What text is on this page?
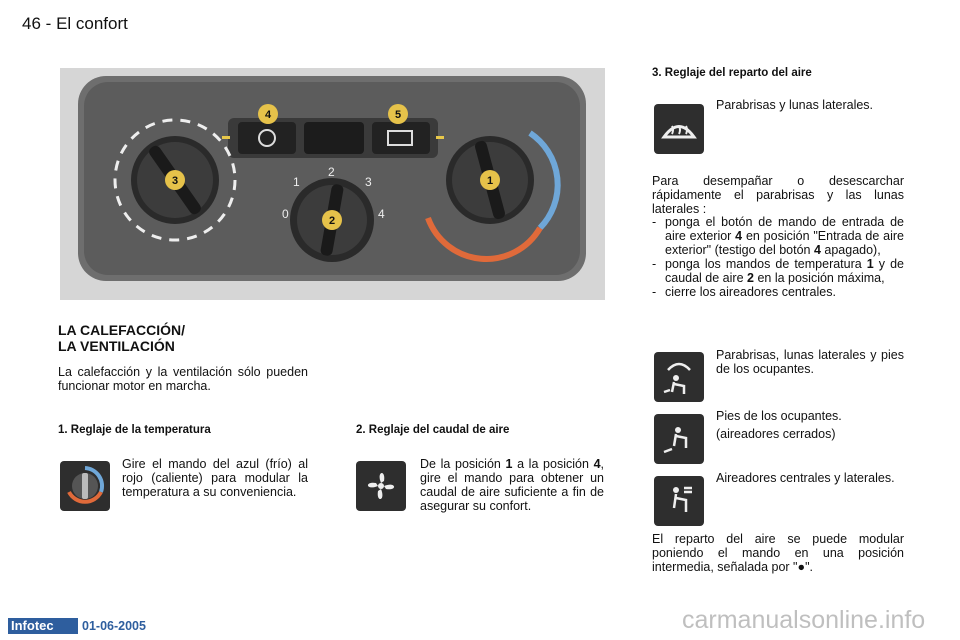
46 - El confort
4	5
3
2
0
1
2
3
4
1
LA CALEFACCIÓN/
LA VENTILACIÓN
La calefacción y la ventilación sólo pueden funcionar motor en marcha.
1. Reglaje de la temperatura
Gire el mando del azul (frío) al rojo (caliente) para modular la temperatura a su conveniencia.
2. Reglaje del caudal de aire
De la posición 1 a la posición 4, gire el mando para obtener un caudal de aire suficiente a fin de asegurar su confort.
3. Reglaje del reparto del aire
Parabrisas y lunas laterales.
Para desempañar o desescarchar rápidamente el parabrisas y las lunas laterales :
- ponga el botón de mando de entrada de aire exterior 4 en posición "Entrada de aire exterior" (testigo del botón 4 apagado),
- ponga los mandos de temperatura 1 y de caudal de aire 2 en la posición máxima,
- cierre los aireadores centrales.
Parabrisas, lunas laterales y pies de los ocupantes.
Pies de los ocupantes.
(aireadores cerrados)
Aireadores centrales y laterales.
El reparto del aire se puede modular poniendo el mando en una posición intermedia, señalada por "●".
Infotec	01-06-2005	carmanualsonline.info
